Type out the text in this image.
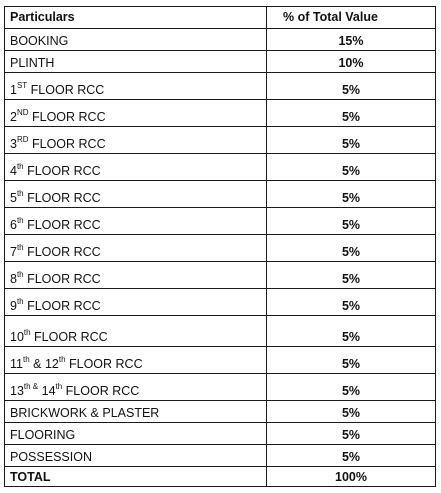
Particulars	% of Total Value
BOOKING	15%
PLINTH	10%
1ST FLOOR RCC	5%
2ND FLOOR RCC	5%
3RD FLOOR RCC	5%
4th FLOOR RCC	5%
5th FLOOR RCC	5%
6th FLOOR RCC	5%
7th FLOOR RCC	5%
8th FLOOR RCC	5%
9th FLOOR RCC	5%
10th FLOOR RCC	5%
11th & 12th FLOOR RCC	5%
$13^{th \&}$ 14th FLOOR RCC	5%
BRICKWORK & PLASTER	5%
FLOORING	5%
POSSESSION	5%
TOTAL	100%
